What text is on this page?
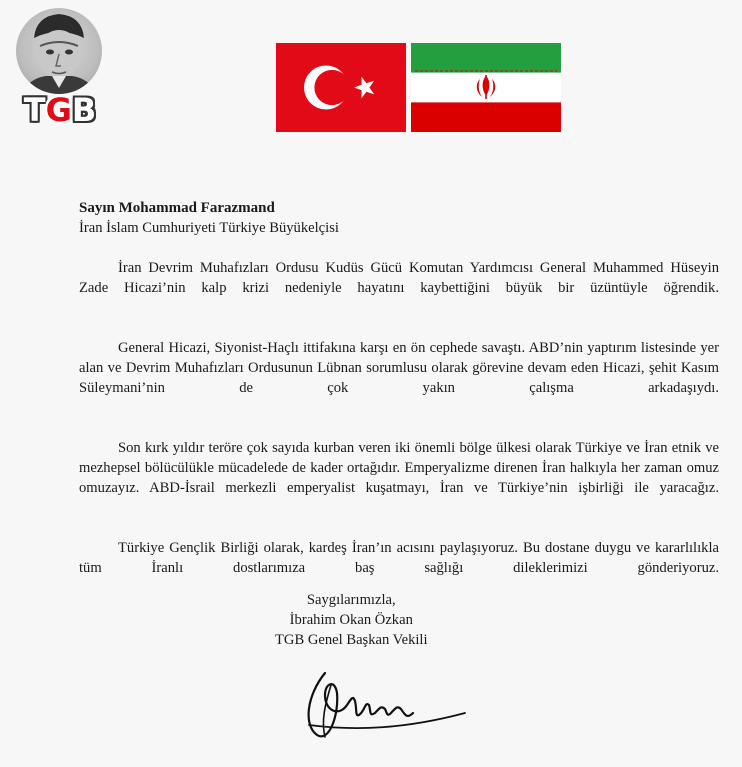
TGB
Sayın Mohammad Farazmand
İran İslam Cumhuriyeti Türkiye Büyükelçisi

İran Devrim Muhafızları Ordusu Kudüs Gücü Komutan Yardımcısı General Muhammed Hüseyin Zade Hicazi’nin kalp krizi nedeniyle hayatını kaybettiğini büyük bir üzüntüyle öğrendik.

General Hicazi, Siyonist-Haçlı ittifakına karşı en ön cephede savaştı. ABD’nin yaptırım listesinde yer alan ve Devrim Muhafızları Ordusunun Lübnan sorumlusu olarak görevine devam eden Hicazi, şehit Kasım Süleymani’nin de çok yakın çalışma arkadaşıydı.

Son kırk yıldır teröre çok sayıda kurban veren iki önemli bölge ülkesi olarak Türkiye ve İran etnik ve mezhepsel bölücülükle mücadelede de kader ortağıdır. Emperyalizme direnen İran halkıyla her zaman omuz omuzayız. ABD-İsrail merkezli emperyalist kuşatmayı, İran ve Türkiye’nin işbirliği ile yaracağız.

Türkiye Gençlik Birliği olarak, kardeş İran’ın acısını paylaşıyoruz. Bu dostane duygu ve kararlılıkla tüm İranlı dostlarımıza baş sağlığı dileklerimizi gönderiyoruz.

Saygılarımızla,
İbrahim Okan Özkan
TGB Genel Başkan Vekili
